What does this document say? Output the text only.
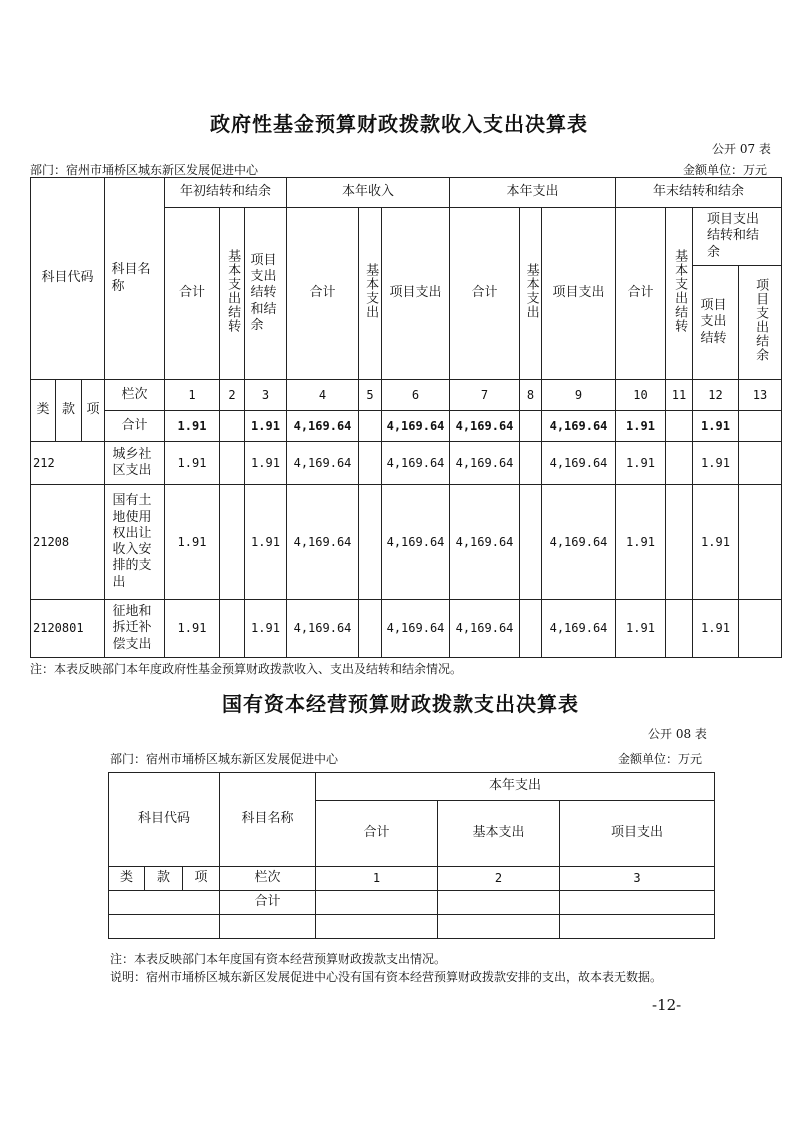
政府性基金预算财政拨款收入支出决算表
公开 07 表
部门：宿州市埇桥区城东新区发展促进中心	金额单位：万元
科目代码			科目名称	年初结转和结余			本年收入			本年支出			年末结转和结余			
				合计	基本支出结转	项目支出结转和结余	合计	基本支出	项目支出	合计	基本支出	项目支出	合计	基本支出结转	项目支出结转和结余	
															项目支出结转	项目支出结余
类	款	项	栏次	1	2	3	4	5	6	7	8	9	10	11	12	13
			合计	1.91		1.91	4,169.64		4,169.64	4,169.64		4,169.64	1.91		1.91	
212			城乡社区支出	1.91		1.91	4,169.64		4,169.64	4,169.64		4,169.64	1.91		1.91	
21208			国有土地使用权出让收入安排的支出	1.91		1.91	4,169.64		4,169.64	4,169.64		4,169.64	1.91		1.91	
2120801			征地和拆迁补偿支出	1.91		1.91	4,169.64		4,169.64	4,169.64		4,169.64	1.91		1.91	
注：本表反映部门本年度政府性基金预算财政拨款收入、支出及结转和结余情况。
国有资本经营预算财政拨款支出决算表
公开 08 表
部门：宿州市埇桥区城东新区发展促进中心	金额单位：万元
科目代码			科目名称	本年支出		
				合计	基本支出	项目支出
类	款	项	栏次	1	2	3
			合计			

注：本表反映部门本年度国有资本经营预算财政拨款支出情况。
说明：宿州市埇桥区城东新区发展促进中心没有国有资本经营预算财政拨款安排的支出，故本表无数据。
-12-
